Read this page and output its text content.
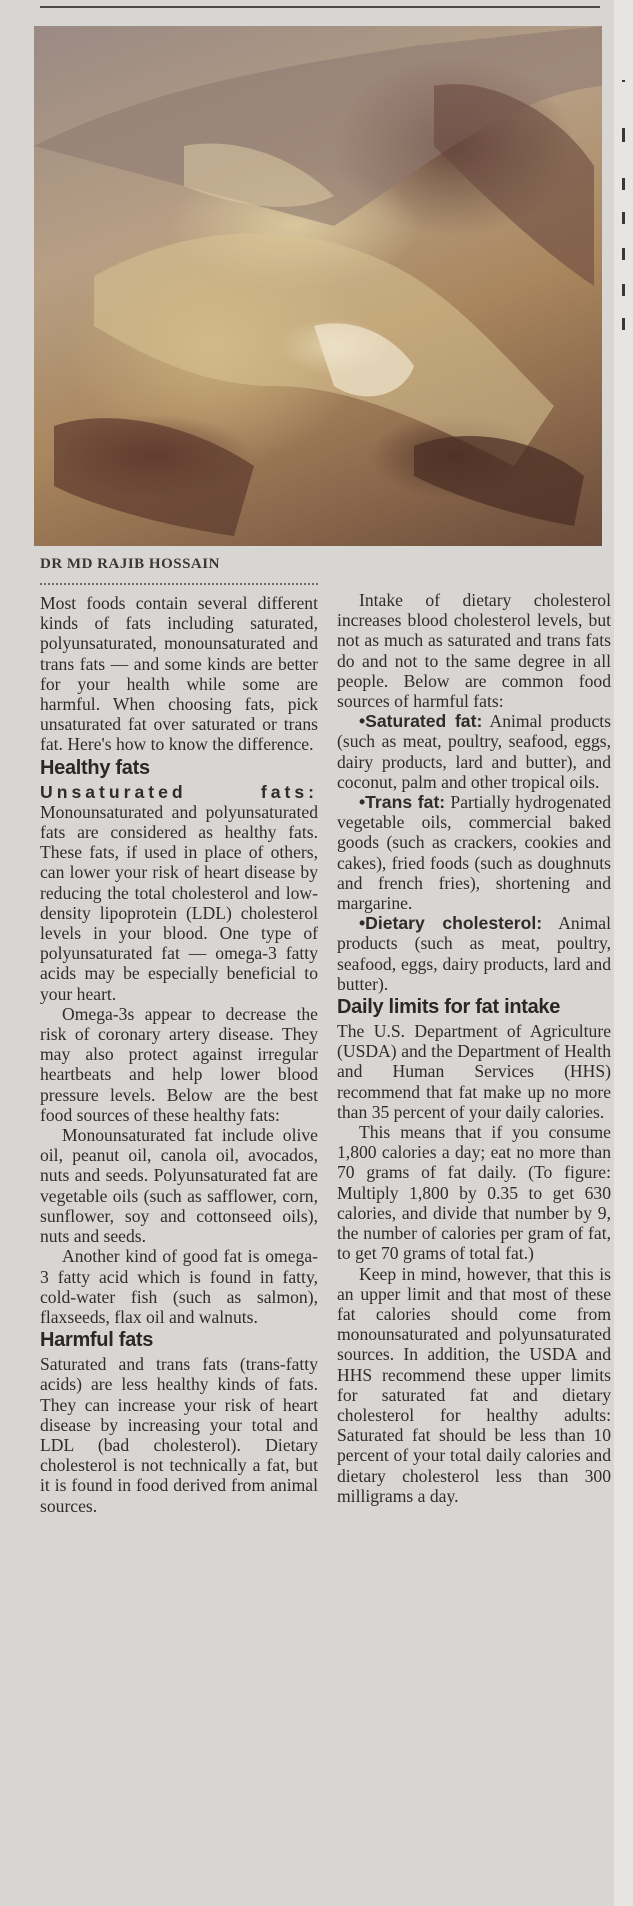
DR MD RAJIB HOSSAIN

Most foods contain several different kinds of fats including saturated, polyunsaturated, monounsaturated and trans fats — and some kinds are better for your health while some are harmful. When choosing fats, pick unsaturated fat over saturated or trans fat. Here's how to know the difference.

Healthy fats

Unsaturated fats: Monounsaturated and polyunsaturated fats are considered as healthy fats. These fats, if used in place of others, can lower your risk of heart disease by reducing the total cholesterol and low-density lipoprotein (LDL) cholesterol levels in your blood. One type of polyunsaturated fat — omega-3 fatty acids may be especially beneficial to your heart.

Omega-3s appear to decrease the risk of coronary artery disease. They may also protect against irregular heartbeats and help lower blood pressure levels. Below are the best food sources of these healthy fats:

Monounsaturated fat include olive oil, peanut oil, canola oil, avocados, nuts and seeds. Polyunsaturated fat are vegetable oils (such as safflower, corn, sunflower, soy and cottonseed oils), nuts and seeds.

Another kind of good fat is omega-3 fatty acid which is found in fatty, cold-water fish (such as salmon), flaxseeds, flax oil and walnuts.

Harmful fats

Saturated and trans fats (trans-fatty acids) are less healthy kinds of fats. They can increase your risk of heart disease by increasing your total and LDL (bad cholesterol). Dietary cholesterol is not technically a fat, but it is found in food derived from animal sources.

Intake of dietary cholesterol increases blood cholesterol levels, but not as much as saturated and trans fats do and not to the same degree in all people. Below are common food sources of harmful fats:

•Saturated fat: Animal products (such as meat, poultry, seafood, eggs, dairy products, lard and butter), and coconut, palm and other tropical oils.

•Trans fat: Partially hydrogenated vegetable oils, commercial baked goods (such as crackers, cookies and cakes), fried foods (such as doughnuts and french fries), shortening and margarine.

•Dietary cholesterol: Animal products (such as meat, poultry, seafood, eggs, dairy products, lard and butter).

Daily limits for fat intake

The U.S. Department of Agriculture (USDA) and the Department of Health and Human Services (HHS) recommend that fat make up no more than 35 percent of your daily calories.

This means that if you consume 1,800 calories a day; eat no more than 70 grams of fat daily. (To figure: Multiply 1,800 by 0.35 to get 630 calories, and divide that number by 9, the number of calories per gram of fat, to get 70 grams of total fat.)

Keep in mind, however, that this is an upper limit and that most of these fat calories should come from monounsaturated and polyunsaturated sources. In addition, the USDA and HHS recommend these upper limits for saturated fat and dietary cholesterol for healthy adults: Saturated fat should be less than 10 percent of your total daily calories and dietary cholesterol less than 300 milligrams a day.
